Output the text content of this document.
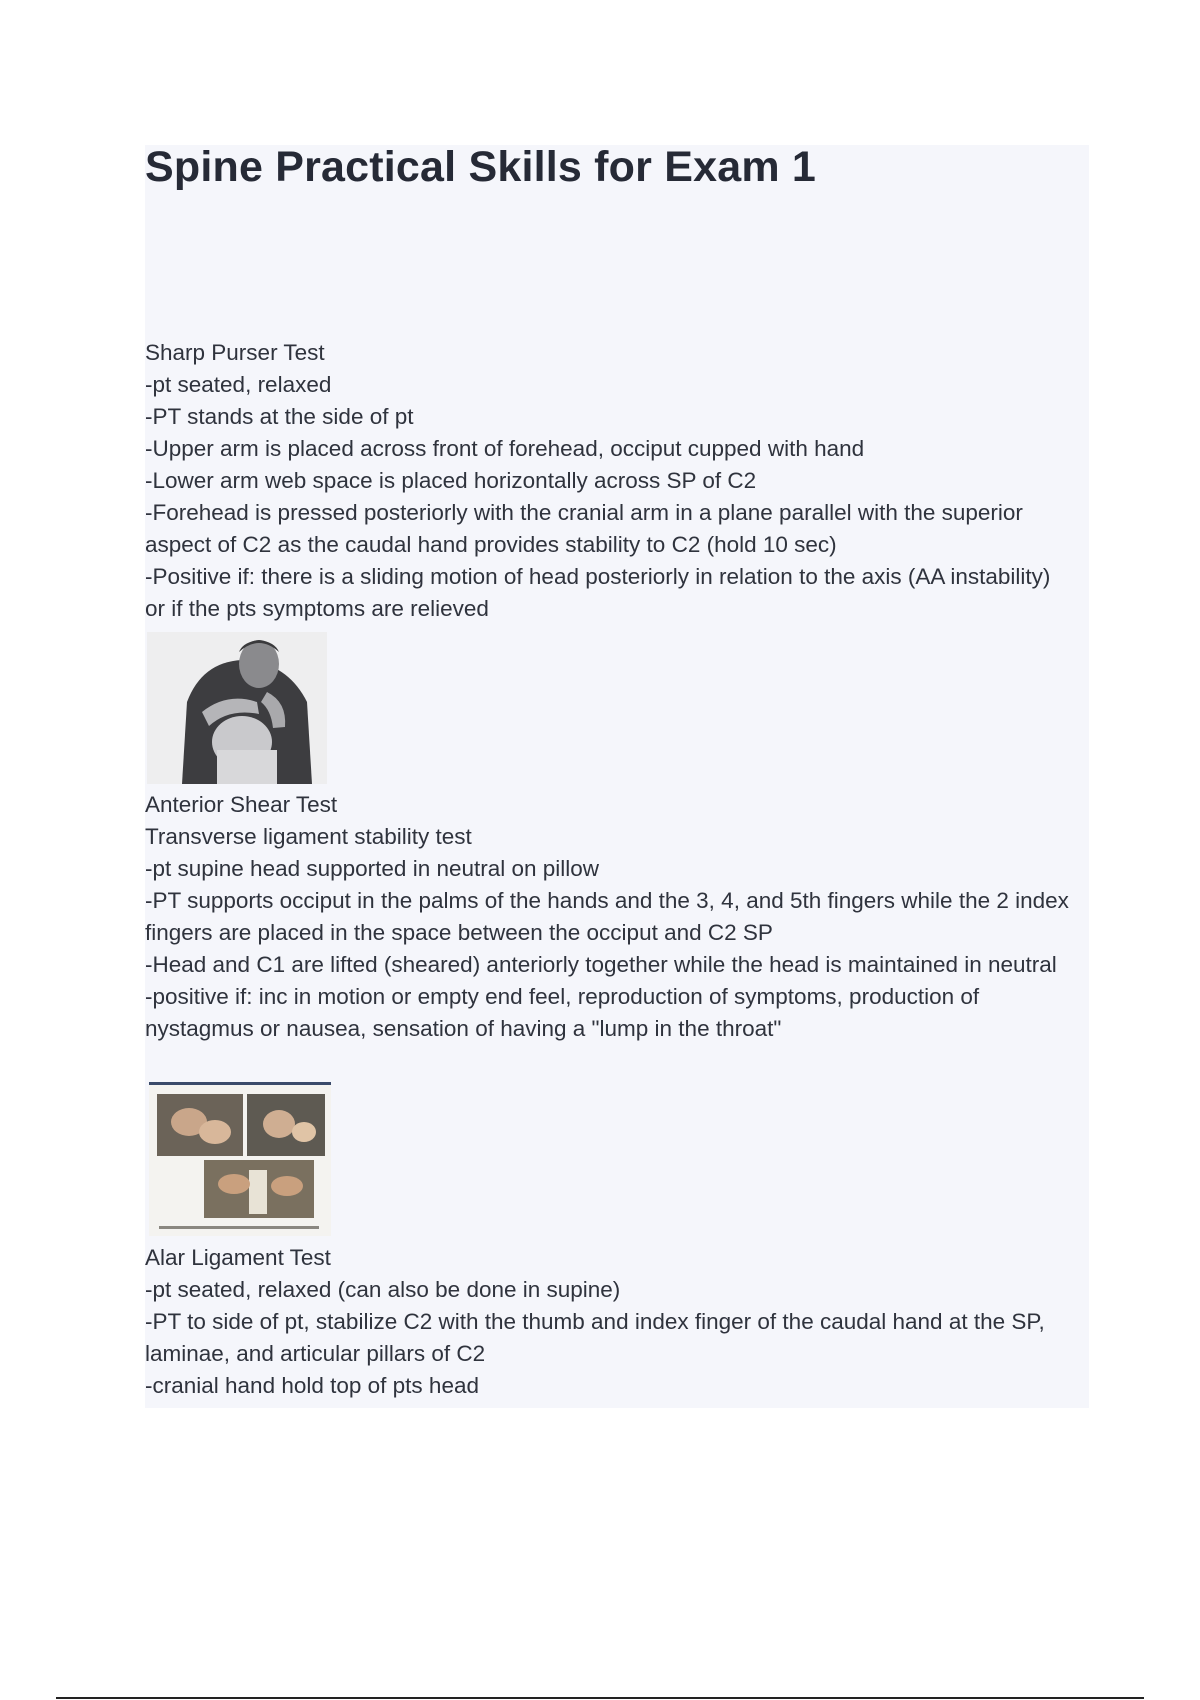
Spine Practical Skills for Exam 1
Sharp Purser Test
-pt seated, relaxed
-PT stands at the side of pt
-Upper arm is placed across front of forehead, occiput cupped with hand
-Lower arm web space is placed horizontally across SP of C2
-Forehead is pressed posteriorly with the cranial arm in a plane parallel with the superior aspect of C2 as the caudal hand provides stability to C2 (hold 10 sec)
-Positive if: there is a sliding motion of head posteriorly in relation to the axis (AA instability) or if the pts symptoms are relieved
Anterior Shear Test
Transverse ligament stability test
-pt supine head supported in neutral on pillow
-PT supports occiput in the palms of the hands and the 3, 4, and 5th fingers while the 2 index fingers are placed in the space between the occiput and C2 SP
-Head and C1 are lifted (sheared) anteriorly together while the head is maintained in neutral
-positive if: inc in motion or empty end feel, reproduction of symptoms, production of nystagmus or nausea, sensation of having a "lump in the throat"
Alar Ligament Test
-pt seated, relaxed (can also be done in supine)
-PT to side of pt, stabilize C2 with the thumb and index finger of the caudal hand at the SP, laminae, and articular pillars of C2
-cranial hand hold top of pts head
